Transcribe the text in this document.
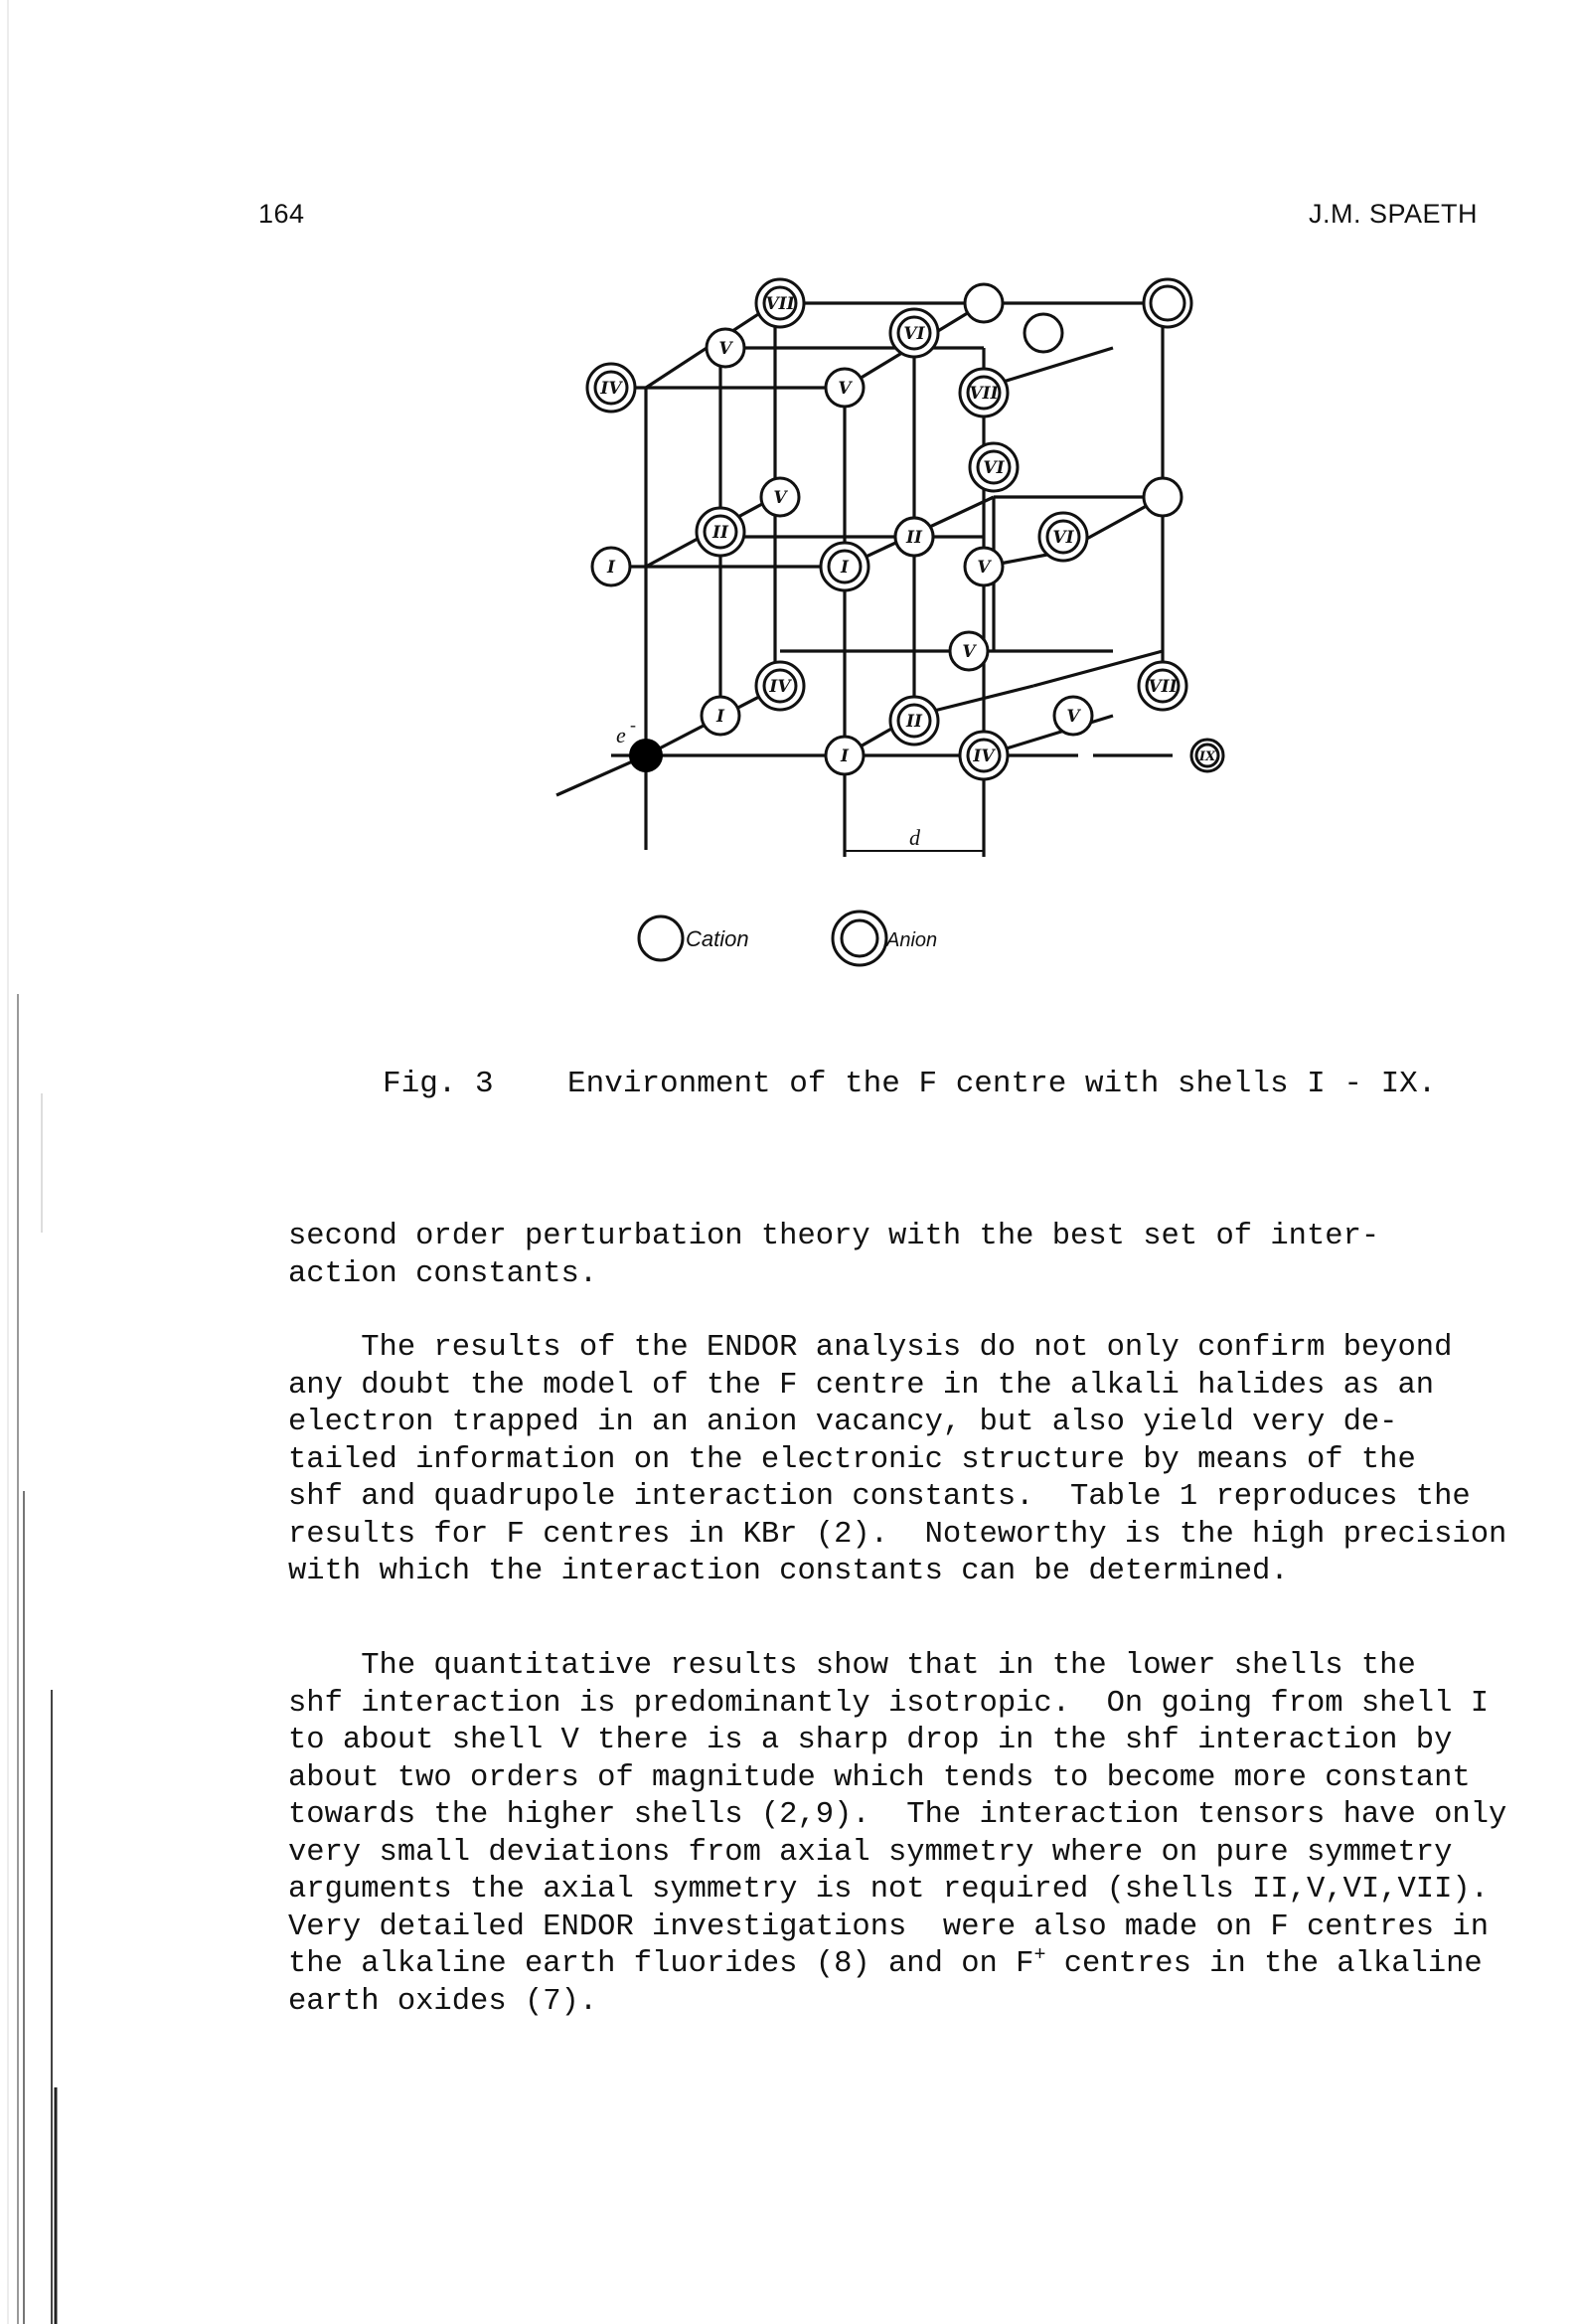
164	J.M. SPAETH
e -
VII
V
VI
IV	V	VII
V
VI
II	II	VI
I	I	V
IV
V
VII
I	II	V
I	IV	IX
d
Cation	Anion
Fig. 3    Environment of the F centre with shells I - IX.

second order perturbation theory with the best set of inter-
action constants.

The results of the ENDOR analysis do not only confirm beyond
any doubt the model of the F centre in the alkali halides as an
electron trapped in an anion vacancy, but also yield very de-
tailed information on the electronic structure by means of the
shf and quadrupole interaction constants.  Table 1 reproduces the
results for F centres in KBr (2).  Noteworthy is the high precision
with which the interaction constants can be determined.

The quantitative results show that in the lower shells the
shf interaction is predominantly isotropic.  On going from shell I
to about shell V there is a sharp drop in the shf interaction by
about two orders of magnitude which tends to become more constant
towards the higher shells (2,9).  The interaction tensors have only
very small deviations from axial symmetry where on pure symmetry
arguments the axial symmetry is not required (shells II,V,VI,VII).
Very detailed ENDOR investigations  were also made on F centres in
the alkaline earth fluorides (8) and on F+ centres in the alkaline
earth oxides (7).
